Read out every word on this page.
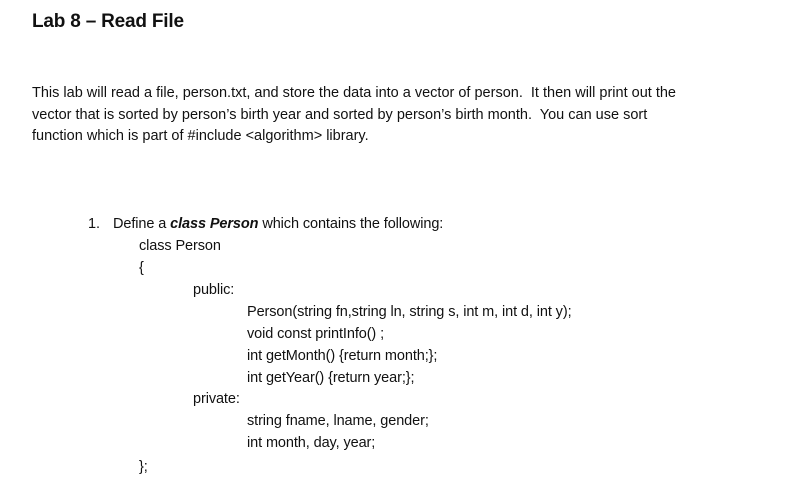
Lab 8 – Read File
This lab will read a file, person.txt, and store the data into a vector of person.  It then will print out the
vector that is sorted by person’s birth year and sorted by person’s birth month.  You can use sort
function which is part of #include <algorithm> library.
1. Define a class Person which contains the following:
class Person
{
public:
Person(string fn,string ln, string s, int m, int d, int y);
void const printInfo() ;
int getMonth() {return month;};
int getYear() {return year;};
private:
string fname, lname, gender;
int month, day, year;
};
